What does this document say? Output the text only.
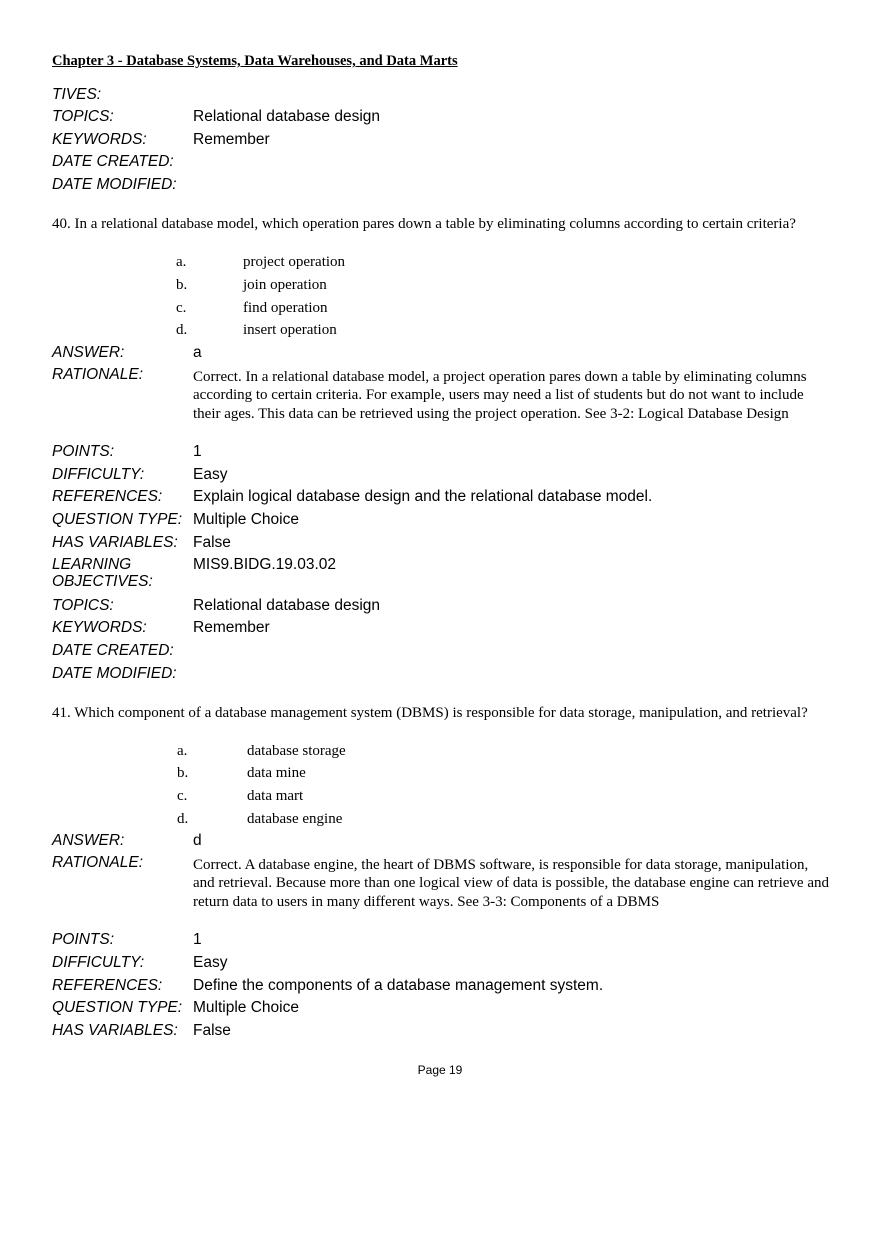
Chapter 3 - Database Systems, Data Warehouses, and Data Marts
TIVES:
TOPICS:	Relational database design
KEYWORDS:	Remember
DATE CREATED:
DATE MODIFIED:
40. In a relational database model, which operation pares down a table by eliminating columns according to certain criteria?
a.	project operation
b.	join operation
c.	find operation
d.	insert operation
ANSWER:	a
RATIONALE:	Correct. In a relational database model, a project operation pares down a table by eliminating columns according to certain criteria. For example, users may need a list of students but do not want to include their ages. This data can be retrieved using the project operation. See 3-2: Logical Database Design
POINTS:	1
DIFFICULTY:	Easy
REFERENCES: Explain logical database design and the relational database model.
QUESTION TYPE: Multiple Choice
HAS VARIABLES: False
LEARNING OBJECTIVES:
MIS9.BIDG.19.03.02
TOPICS:	Relational database design
KEYWORDS:	Remember
DATE CREATED:
DATE MODIFIED:
41. Which component of a database management system (DBMS) is responsible for data storage, manipulation, and retrieval?
a.	database storage
b.	data mine
c.	data mart
d.	database engine
ANSWER:	d
RATIONALE:	Correct. A database engine, the heart of DBMS software, is responsible for data storage, manipulation, and retrieval. Because more than one logical view of data is possible, the database engine can retrieve and return data to users in many different ways. See 3-3: Components of a DBMS
POINTS:	1
DIFFICULTY:	Easy
REFERENCES: Define the components of a database management system.
QUESTION TYPE: Multiple Choice
HAS VARIABLES: False
Page 19
